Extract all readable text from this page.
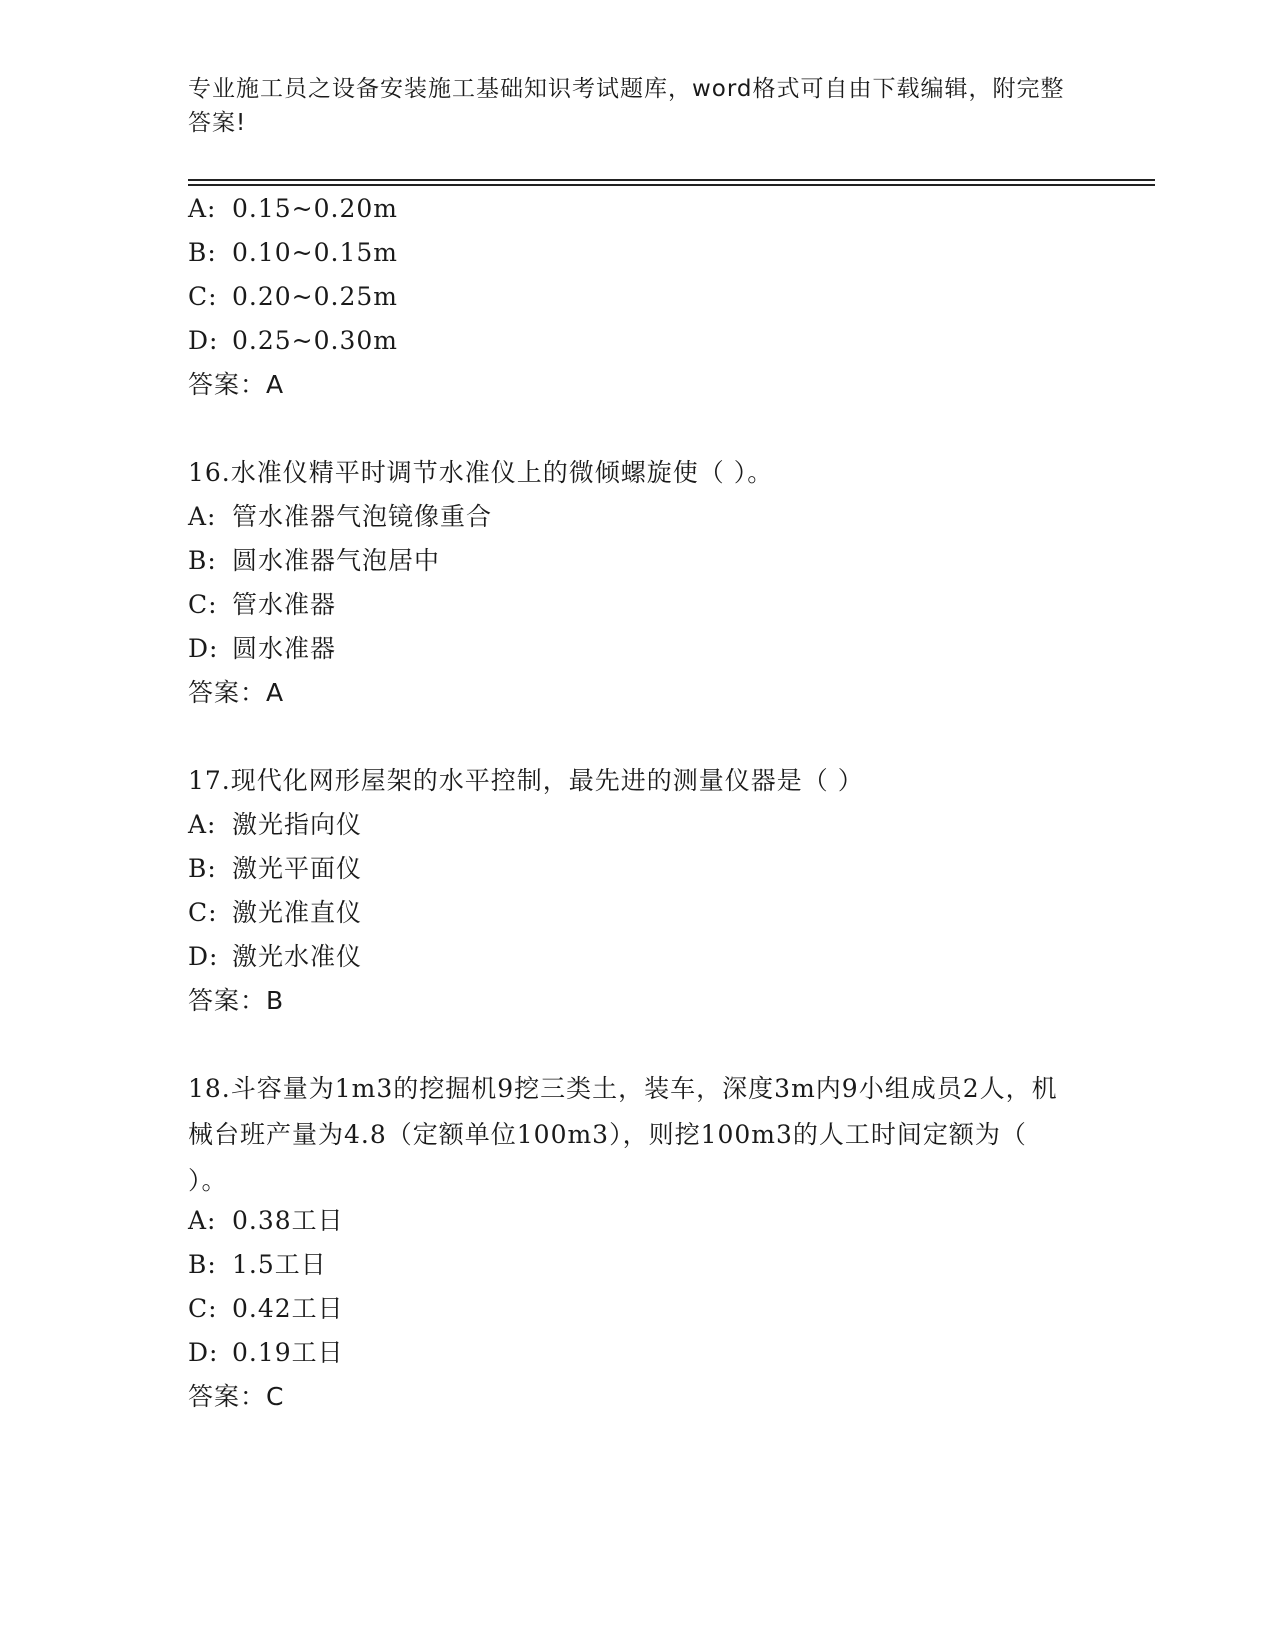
专业施工员之设备安装施工基础知识考试题库，word格式可自由下载编辑，附完整答案!
A: 0.15~0.20m
B: 0.10~0.15m
C: 0.20~0.25m
D: 0.25~0.30m
答案：A
16.水准仪精平时调节水准仪上的微倾螺旋使（ ）。
A: 管水准器气泡镜像重合
B: 圆水准器气泡居中
C: 管水准器
D: 圆水准器
答案：A
17.现代化网形屋架的水平控制，最先进的测量仪器是（ ）
A: 激光指向仪
B: 激光平面仪
C: 激光准直仪
D: 激光水准仪
答案：B
18.斗容量为1m3的挖掘机9挖三类土，装车，深度3m内9小组成员2人，机械台班产量为4.8（定额单位100m3），则挖100m3的人工时间定额为（ ）。
A: 0.38工日
B: 1.5工日
C: 0.42工日
D: 0.19工日
答案：C
